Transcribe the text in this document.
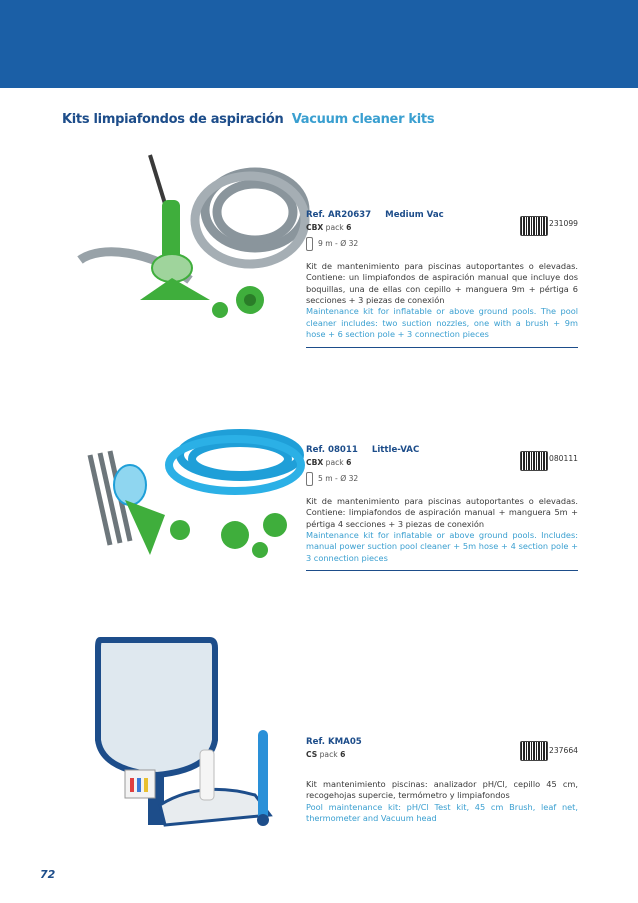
Kits limpiafondos de aspiración Vacuum cleaner kits
Ref. AR20637 Medium Vac
CBX pack 6
9 m - Ø 32
231099
Kit de mantenimiento para piscinas autoportantes o elevadas. Contiene: un limpiafondos de aspiración manual que incluye dos boquillas, una de ellas con cepillo + manguera 9m + pértiga 6 secciones + 3 piezas de conexión
Maintenance kit for inflatable or above ground pools. The pool cleaner includes: two suction nozzles, one with a brush + 9m hose + 6 section pole + 3 connection pieces
Ref. 08011 Little-VAC
CBX pack 6
5 m - Ø 32
080111
Kit de mantenimiento para piscinas autoportantes o elevadas. Contiene: limpiafondos de aspiración manual + manguera 5m + pértiga 4 secciones + 3 piezas de conexión
Maintenance kit for inflatable or above ground pools. Includes: manual power suction pool cleaner + 5m hose + 4 section pole + 3 connection pieces
Ref. KMA05
CS pack 6	237664
Kit mantenimiento piscinas: analizador pH/Cl, cepillo 45 cm, recogehojas supercie, termómetro y limpiafondos
Pool maintenance kit: pH/Cl Test kit, 45 cm Brush, leaf net, thermometer and Vacuum head
72
